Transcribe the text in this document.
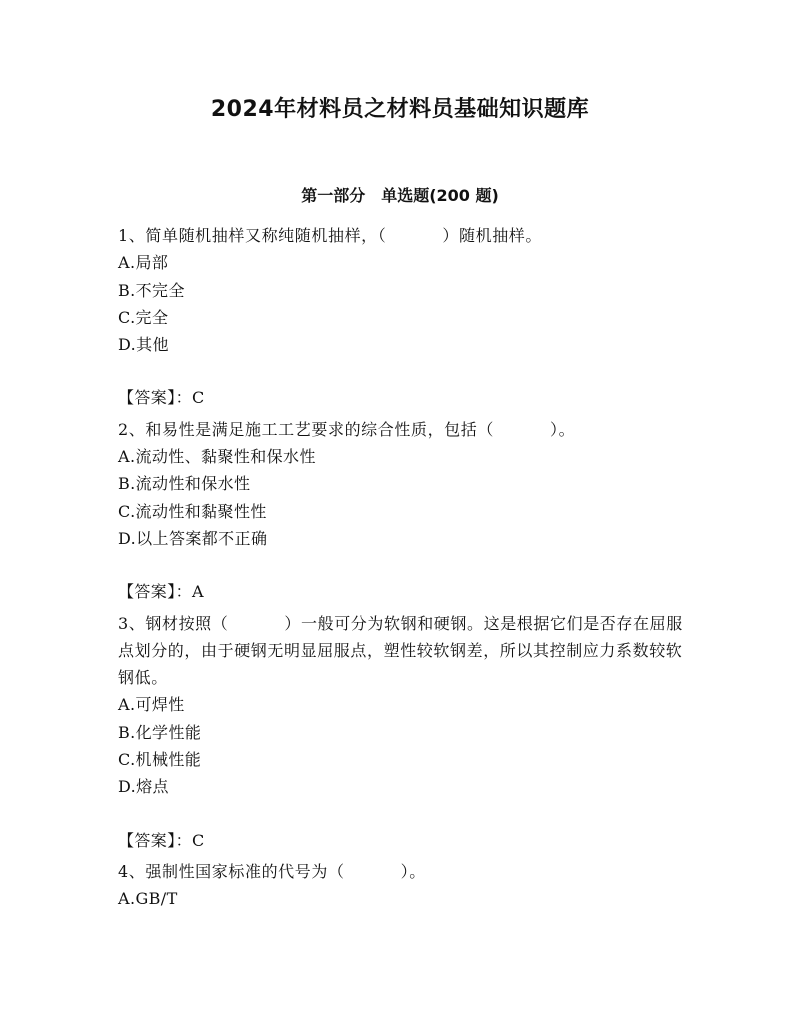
2024年材料员之材料员基础知识题库
第一部分　单选题(200 题)

1、简单随机抽样又称纯随机抽样，（	）随机抽样。

A.局部

B.不完全

C.完全

D.其他

【答案】：C

2、和易性是满足施工工艺要求的综合性质，包括（	）。

A.流动性、黏聚性和保水性

B.流动性和保水性

C.流动性和黏聚性性

D.以上答案都不正确

【答案】：A

3、钢材按照（	）一般可分为软钢和硬钢。这是根据它们是否存在屈服点划分的，由于硬钢无明显屈服点，塑性较软钢差，所以其控制应力系数较软钢低。

A.可焊性

B.化学性能

C.机械性能

D.熔点

【答案】：C

4、强制性国家标准的代号为（	）。

A.GB/T
